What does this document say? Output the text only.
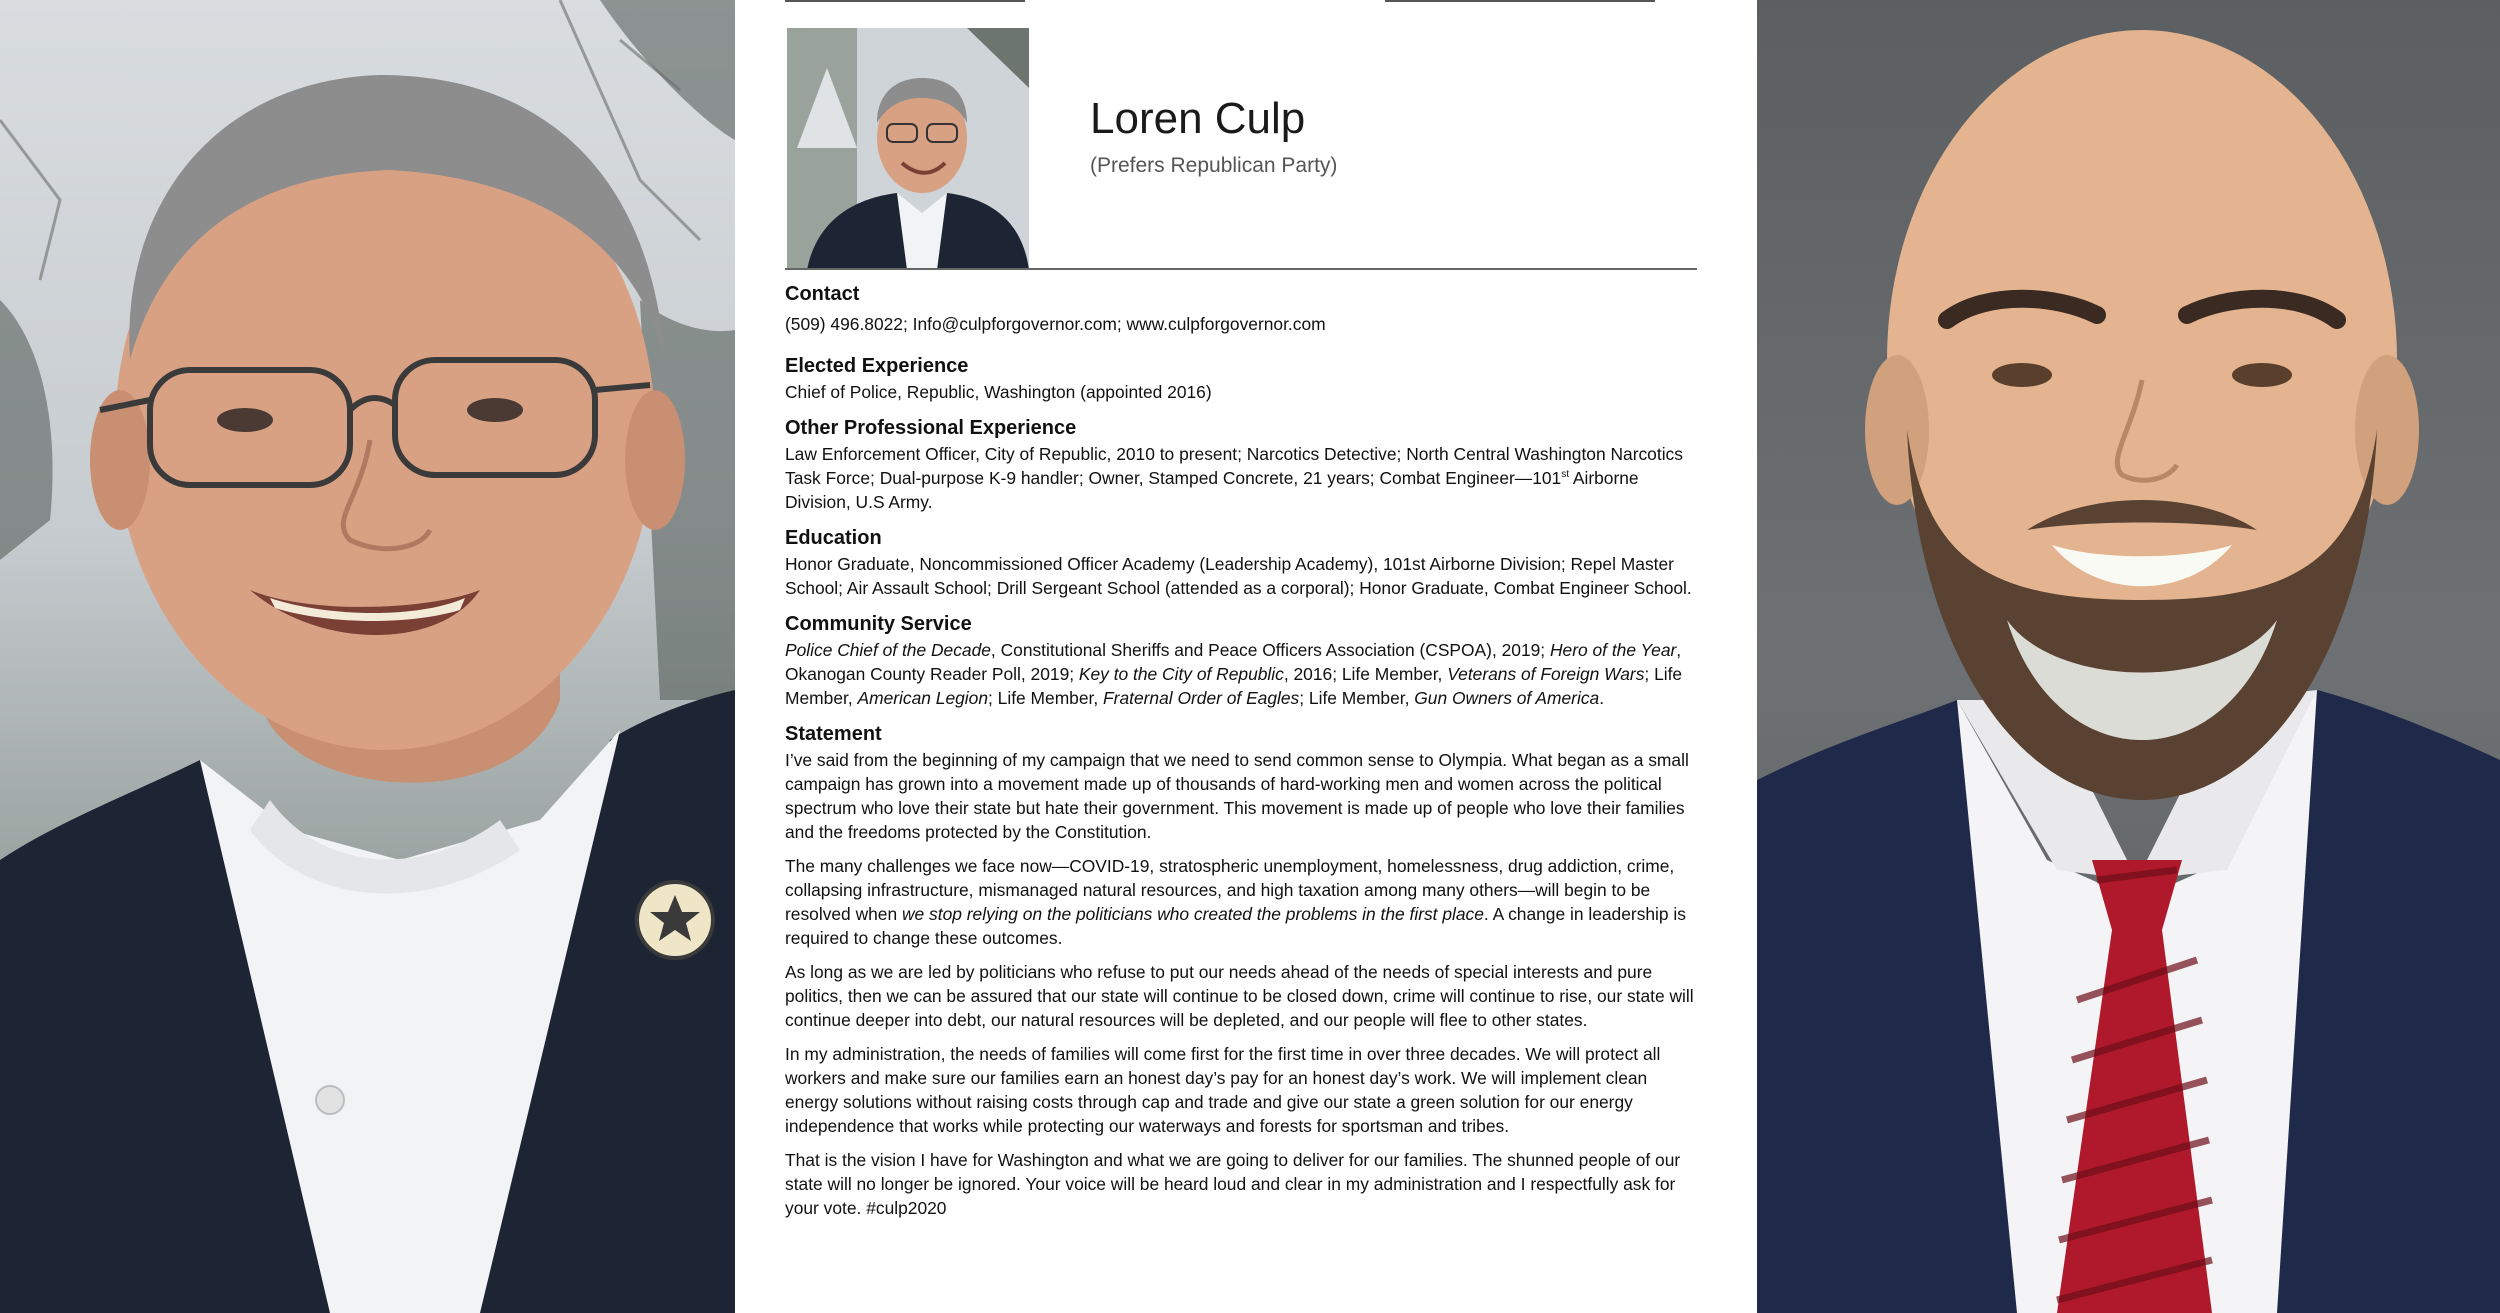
Loren Culp
(Prefers Republican Party)
Contact

(509) 496.8022; Info@culpforgovernor.com; www.culpforgovernor.com

Elected Experience

Chief of Police, Republic, Washington (appointed 2016)

Other Professional Experience

Law Enforcement Officer, City of Republic, 2010 to present; Narcotics Detective; North Central Washington Narcotics Task Force; Dual-purpose K-9 handler; Owner, Stamped Concrete, 21 years; Combat Engineer—101st Airborne Division, U.S Army.

Education

Honor Graduate, Noncommissioned Officer Academy (Leadership Academy), 101st Airborne Division; Repel Master School; Air Assault School; Drill Sergeant School (attended as a corporal); Honor Graduate, Combat Engineer School.

Community Service

Police Chief of the Decade, Constitutional Sheriffs and Peace Officers Association (CSPOA), 2019; Hero of the Year, Okanogan County Reader Poll, 2019; Key to the City of Republic, 2016; Life Member, Veterans of Foreign Wars; Life Member, American Legion; Life Member, Fraternal Order of Eagles; Life Member, Gun Owners of America.

Statement

I’ve said from the beginning of my campaign that we need to send common sense to Olympia. What began as a small campaign has grown into a movement made up of thousands of hard-working men and women across the political spectrum who love their state but hate their government. This movement is made up of people who love their families and the freedoms protected by the Constitution.

The many challenges we face now—COVID-19, stratospheric unemployment, homelessness, drug addiction, crime, collapsing infrastructure, mismanaged natural resources, and high taxation among many others—will begin to be resolved when we stop relying on the politicians who created the problems in the first place. A change in leadership is required to change these outcomes.

As long as we are led by politicians who refuse to put our needs ahead of the needs of special interests and pure politics, then we can be assured that our state will continue to be closed down, crime will continue to rise, our state will continue deeper into debt, our natural resources will be depleted, and our people will flee to other states.

In my administration, the needs of families will come first for the first time in over three decades. We will protect all workers and make sure our families earn an honest day’s pay for an honest day’s work. We will implement clean energy solutions without raising costs through cap and trade and give our state a green solution for our energy independence that works while protecting our waterways and forests for sportsman and tribes.

That is the vision I have for Washington and what we are going to deliver for our families. The shunned people of our state will no longer be ignored. Your voice will be heard loud and clear in my administration and I respectfully ask for your vote. #culp2020
